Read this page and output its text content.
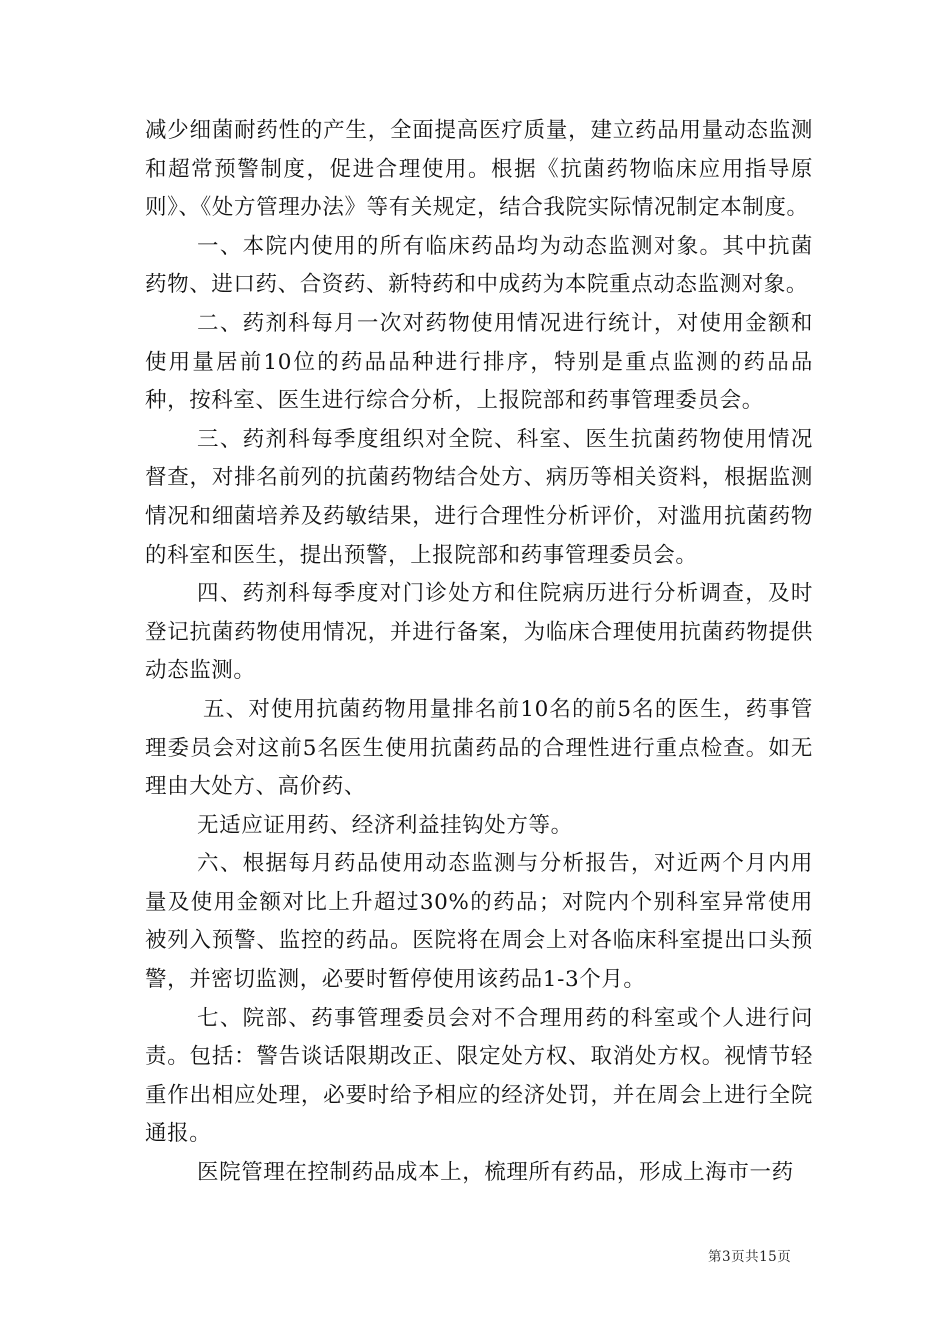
减少细菌耐药性的产生，全面提高医疗质量，建立药品用量动态监测和超常预警制度，促进合理使用。根据《抗菌药物临床应用指导原则》、《处方管理办法》等有关规定，结合我院实际情况制定本制度。

一、本院内使用的所有临床药品均为动态监测对象。其中抗菌药物、进口药、合资药、新特药和中成药为本院重点动态监测对象。

二、药剂科每月一次对药物使用情况进行统计，对使用金额和使用量居前10位的药品品种进行排序，特别是重点监测的药品品种，按科室、医生进行综合分析，上报院部和药事管理委员会。

三、药剂科每季度组织对全院、科室、医生抗菌药物使用情况督查，对排名前列的抗菌药物结合处方、病历等相关资料，根据监测情况和细菌培养及药敏结果，进行合理性分析评价，对滥用抗菌药物的科室和医生，提出预警，上报院部和药事管理委员会。

四、药剂科每季度对门诊处方和住院病历进行分析调查，及时登记抗菌药物使用情况，并进行备案，为临床合理使用抗菌药物提供动态监测。

五、对使用抗菌药物用量排名前10名的前5名的医生，药事管理委员会对这前5名医生使用抗菌药品的合理性进行重点检查。如无理由大处方、高价药、

无适应证用药、经济利益挂钩处方等。

六、根据每月药品使用动态监测与分析报告，对近两个月内用量及使用金额对比上升超过30%的药品；对院内个别科室异常使用被列入预警、监控的药品。医院将在周会上对各临床科室提出口头预警，并密切监测，必要时暂停使用该药品1-3个月。

七、院部、药事管理委员会对不合理用药的科室或个人进行问责。包括：警告谈话限期改正、限定处方权、取消处方权。视情节轻重作出相应处理，必要时给予相应的经济处罚，并在周会上进行全院通报。

医院管理在控制药品成本上，梳理所有药品，形成上海市一药

第3页共15页
